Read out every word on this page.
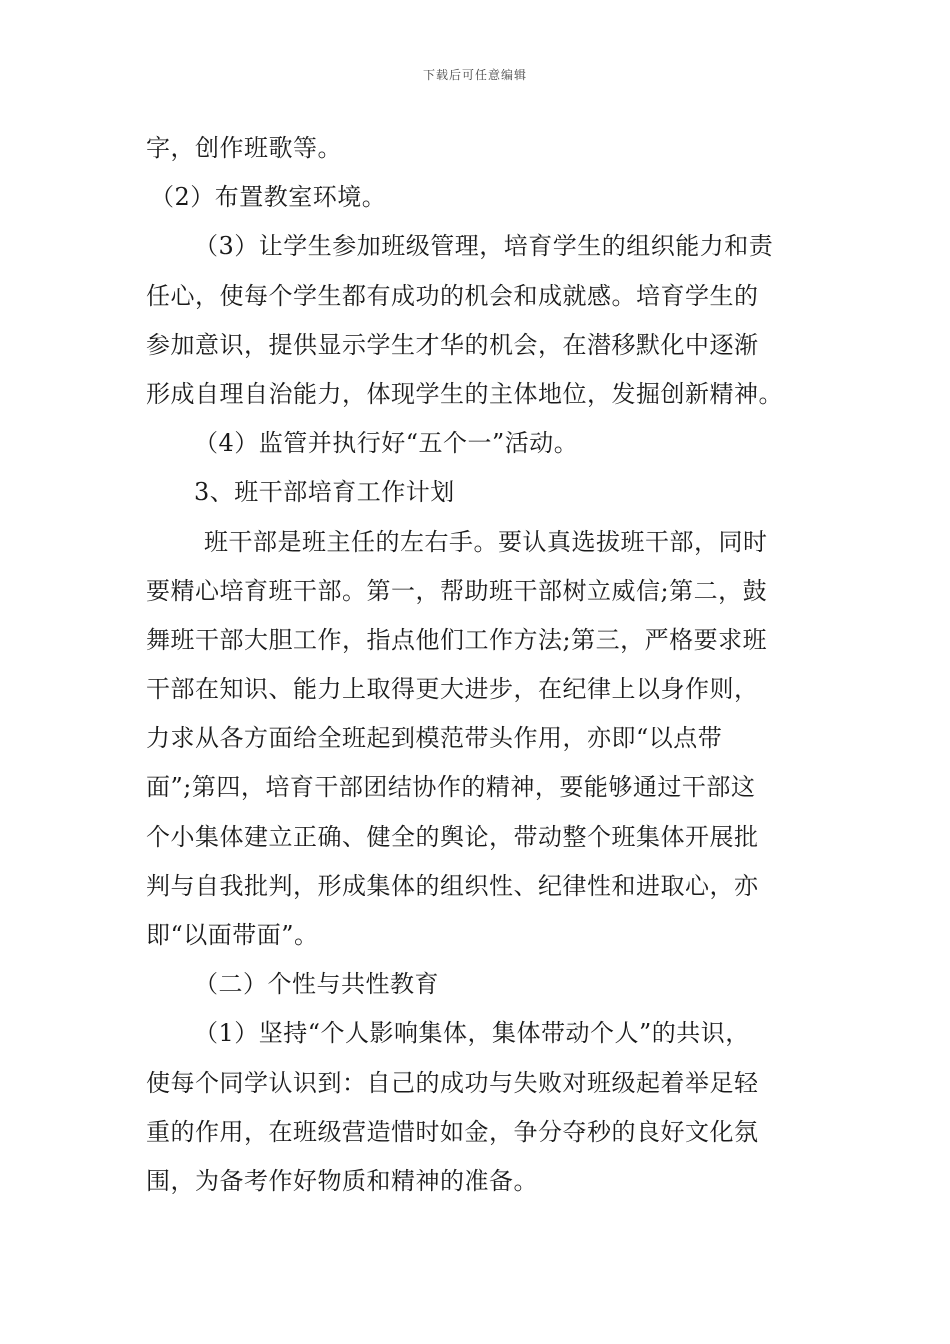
下载后可任意编辑
字，创作班歌等。
（2）布置教室环境。
（3）让学生参加班级管理，培育学生的组织能力和责
任心，使每个学生都有成功的机会和成就感。培育学生的
参加意识，提供显示学生才华的机会，在潜移默化中逐渐
形成自理自治能力，体现学生的主体地位，发掘创新精神。
（4）监管并执行好“五个一”活动。
3、班干部培育工作计划
班干部是班主任的左右手。要认真选拔班干部，同时
要精心培育班干部。第一，帮助班干部树立威信;第二，鼓
舞班干部大胆工作，指点他们工作方法;第三，严格要求班
干部在知识、能力上取得更大进步，在纪律上以身作则，
力求从各方面给全班起到模范带头作用，亦即“以点带
面”;第四，培育干部团结协作的精神，要能够通过干部这
个小集体建立正确、健全的舆论，带动整个班集体开展批
判与自我批判，形成集体的组织性、纪律性和进取心，亦
即“以面带面”。
（二）个性与共性教育
（1）坚持“个人影响集体，集体带动个人”的共识，
使每个同学认识到：自己的成功与失败对班级起着举足轻
重的作用，在班级营造惜时如金，争分夺秒的良好文化氛
围，为备考作好物质和精神的准备。
